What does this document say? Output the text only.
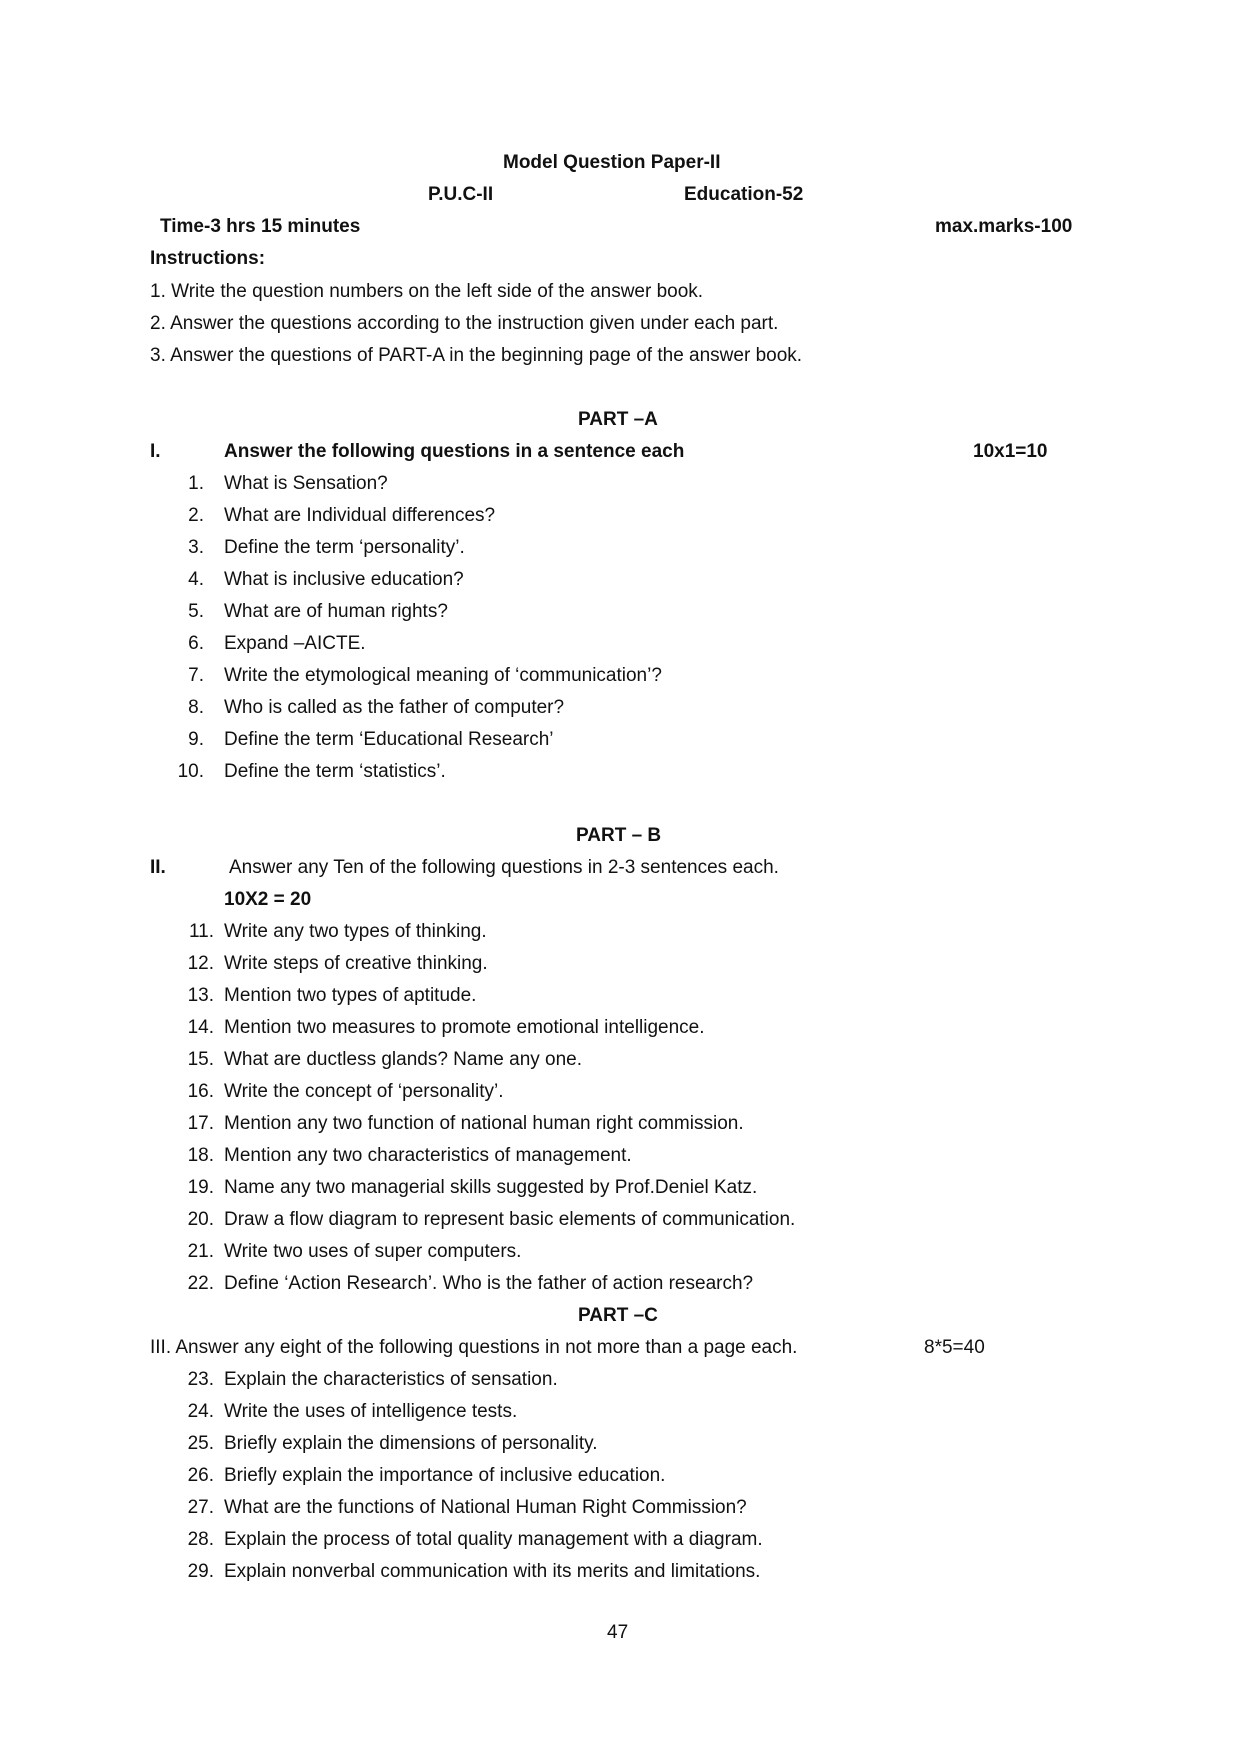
Model Question Paper-II
P.U.C-II	Education-52
Time-3 hrs 15 minutes	max.marks-100
Instructions:
1. Write the question numbers on the left side of the answer book.
2. Answer the questions according to the instruction given under each part.
3. Answer the questions of PART-A in the beginning page of the answer book.
PART –A
I.	Answer the following questions in a sentence each	10x1=10
1. What is Sensation?
2. What are Individual differences?
3. Define the term ‘personality’.
4. What is inclusive education?
5. What are of human rights?
6. Expand –AICTE.
7. Write the etymological meaning of ‘communication’?
8. Who is called as the father of computer?
9. Define the term ‘Educational Research’
10. Define the term ‘statistics’.
PART – B
II.	Answer any Ten of the following questions in 2-3 sentences each.
10X2 = 20
11. Write any two types of thinking.
12. Write steps of creative thinking.
13. Mention two types of aptitude.
14. Mention two measures to promote emotional intelligence.
15. What are ductless glands? Name any one.
16. Write the concept of ‘personality’.
17. Mention any two function of national human right commission.
18. Mention any two characteristics of management.
19. Name any two managerial skills suggested by Prof.Deniel Katz.
20. Draw a flow diagram to represent basic elements of communication.
21. Write two uses of super computers.
22. Define ‘Action Research’. Who is the father of action research?
PART –C
III. Answer any eight of the following questions in not more than a page each.	8*5=40
23. Explain the characteristics of sensation.
24. Write the uses of intelligence tests.
25. Briefly explain the dimensions of personality.
26. Briefly explain the importance of inclusive education.
27. What are the functions of National Human Right Commission?
28. Explain the process of total quality management with a diagram.
29. Explain nonverbal communication with its merits and limitations.
47
